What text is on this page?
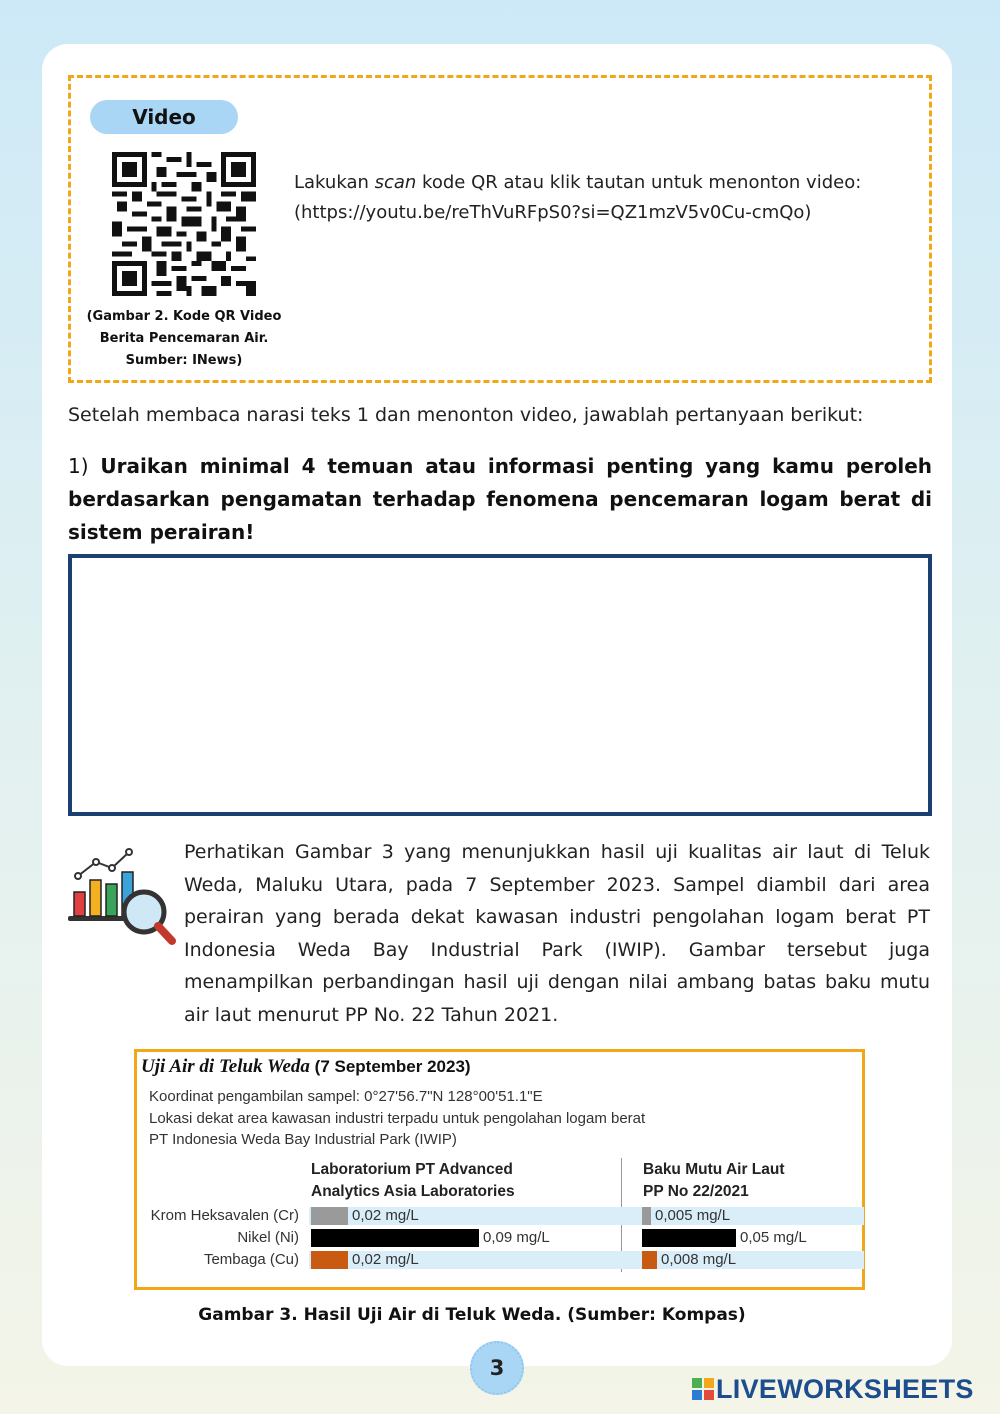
Video
(Gambar 2. Kode QR Video Berita Pencemaran Air. Sumber: INews)
Lakukan scan kode QR atau klik tautan untuk menonton video:
(https://youtu.be/reThVuRFpS0?si=QZ1mzV5v0Cu-cmQo)
Setelah membaca narasi teks 1 dan menonton video, jawablah pertanyaan berikut:
1) Uraikan minimal 4 temuan atau informasi penting yang kamu peroleh berdasarkan pengamatan terhadap fenomena pencemaran logam berat di sistem perairan!
Perhatikan Gambar 3 yang menunjukkan hasil uji kualitas air laut di Teluk Weda, Maluku Utara, pada 7 September 2023. Sampel diambil dari area perairan yang berada dekat kawasan industri pengolahan logam berat PT Indonesia Weda Bay Industrial Park (IWIP). Gambar tersebut juga menampilkan perbandingan hasil uji dengan nilai ambang batas baku mutu air laut menurut PP No. 22 Tahun 2021.
Uji Air di Teluk Weda (7 September 2023)
Koordinat pengambilan sampel: 0°27'56.7"N 128°00'51.1"E
Lokasi dekat area kawasan industri terpadu untuk pengolahan logam berat
PT Indonesia Weda Bay Industrial Park (IWIP)
Laboratorium PT Advanced
Analytics Asia Laboratories
Baku Mutu Air Laut
PP No 22/2021
Krom Heksavalen (Cr)	0,02 mg/L	0,005 mg/L
Nikel (Ni)	0,09 mg/L	0,05 mg/L
Tembaga (Cu)	0,02 mg/L	0,008 mg/L
Gambar 3. Hasil Uji Air di Teluk Weda. (Sumber: Kompas)
3
LIVEWORKSHEETS
